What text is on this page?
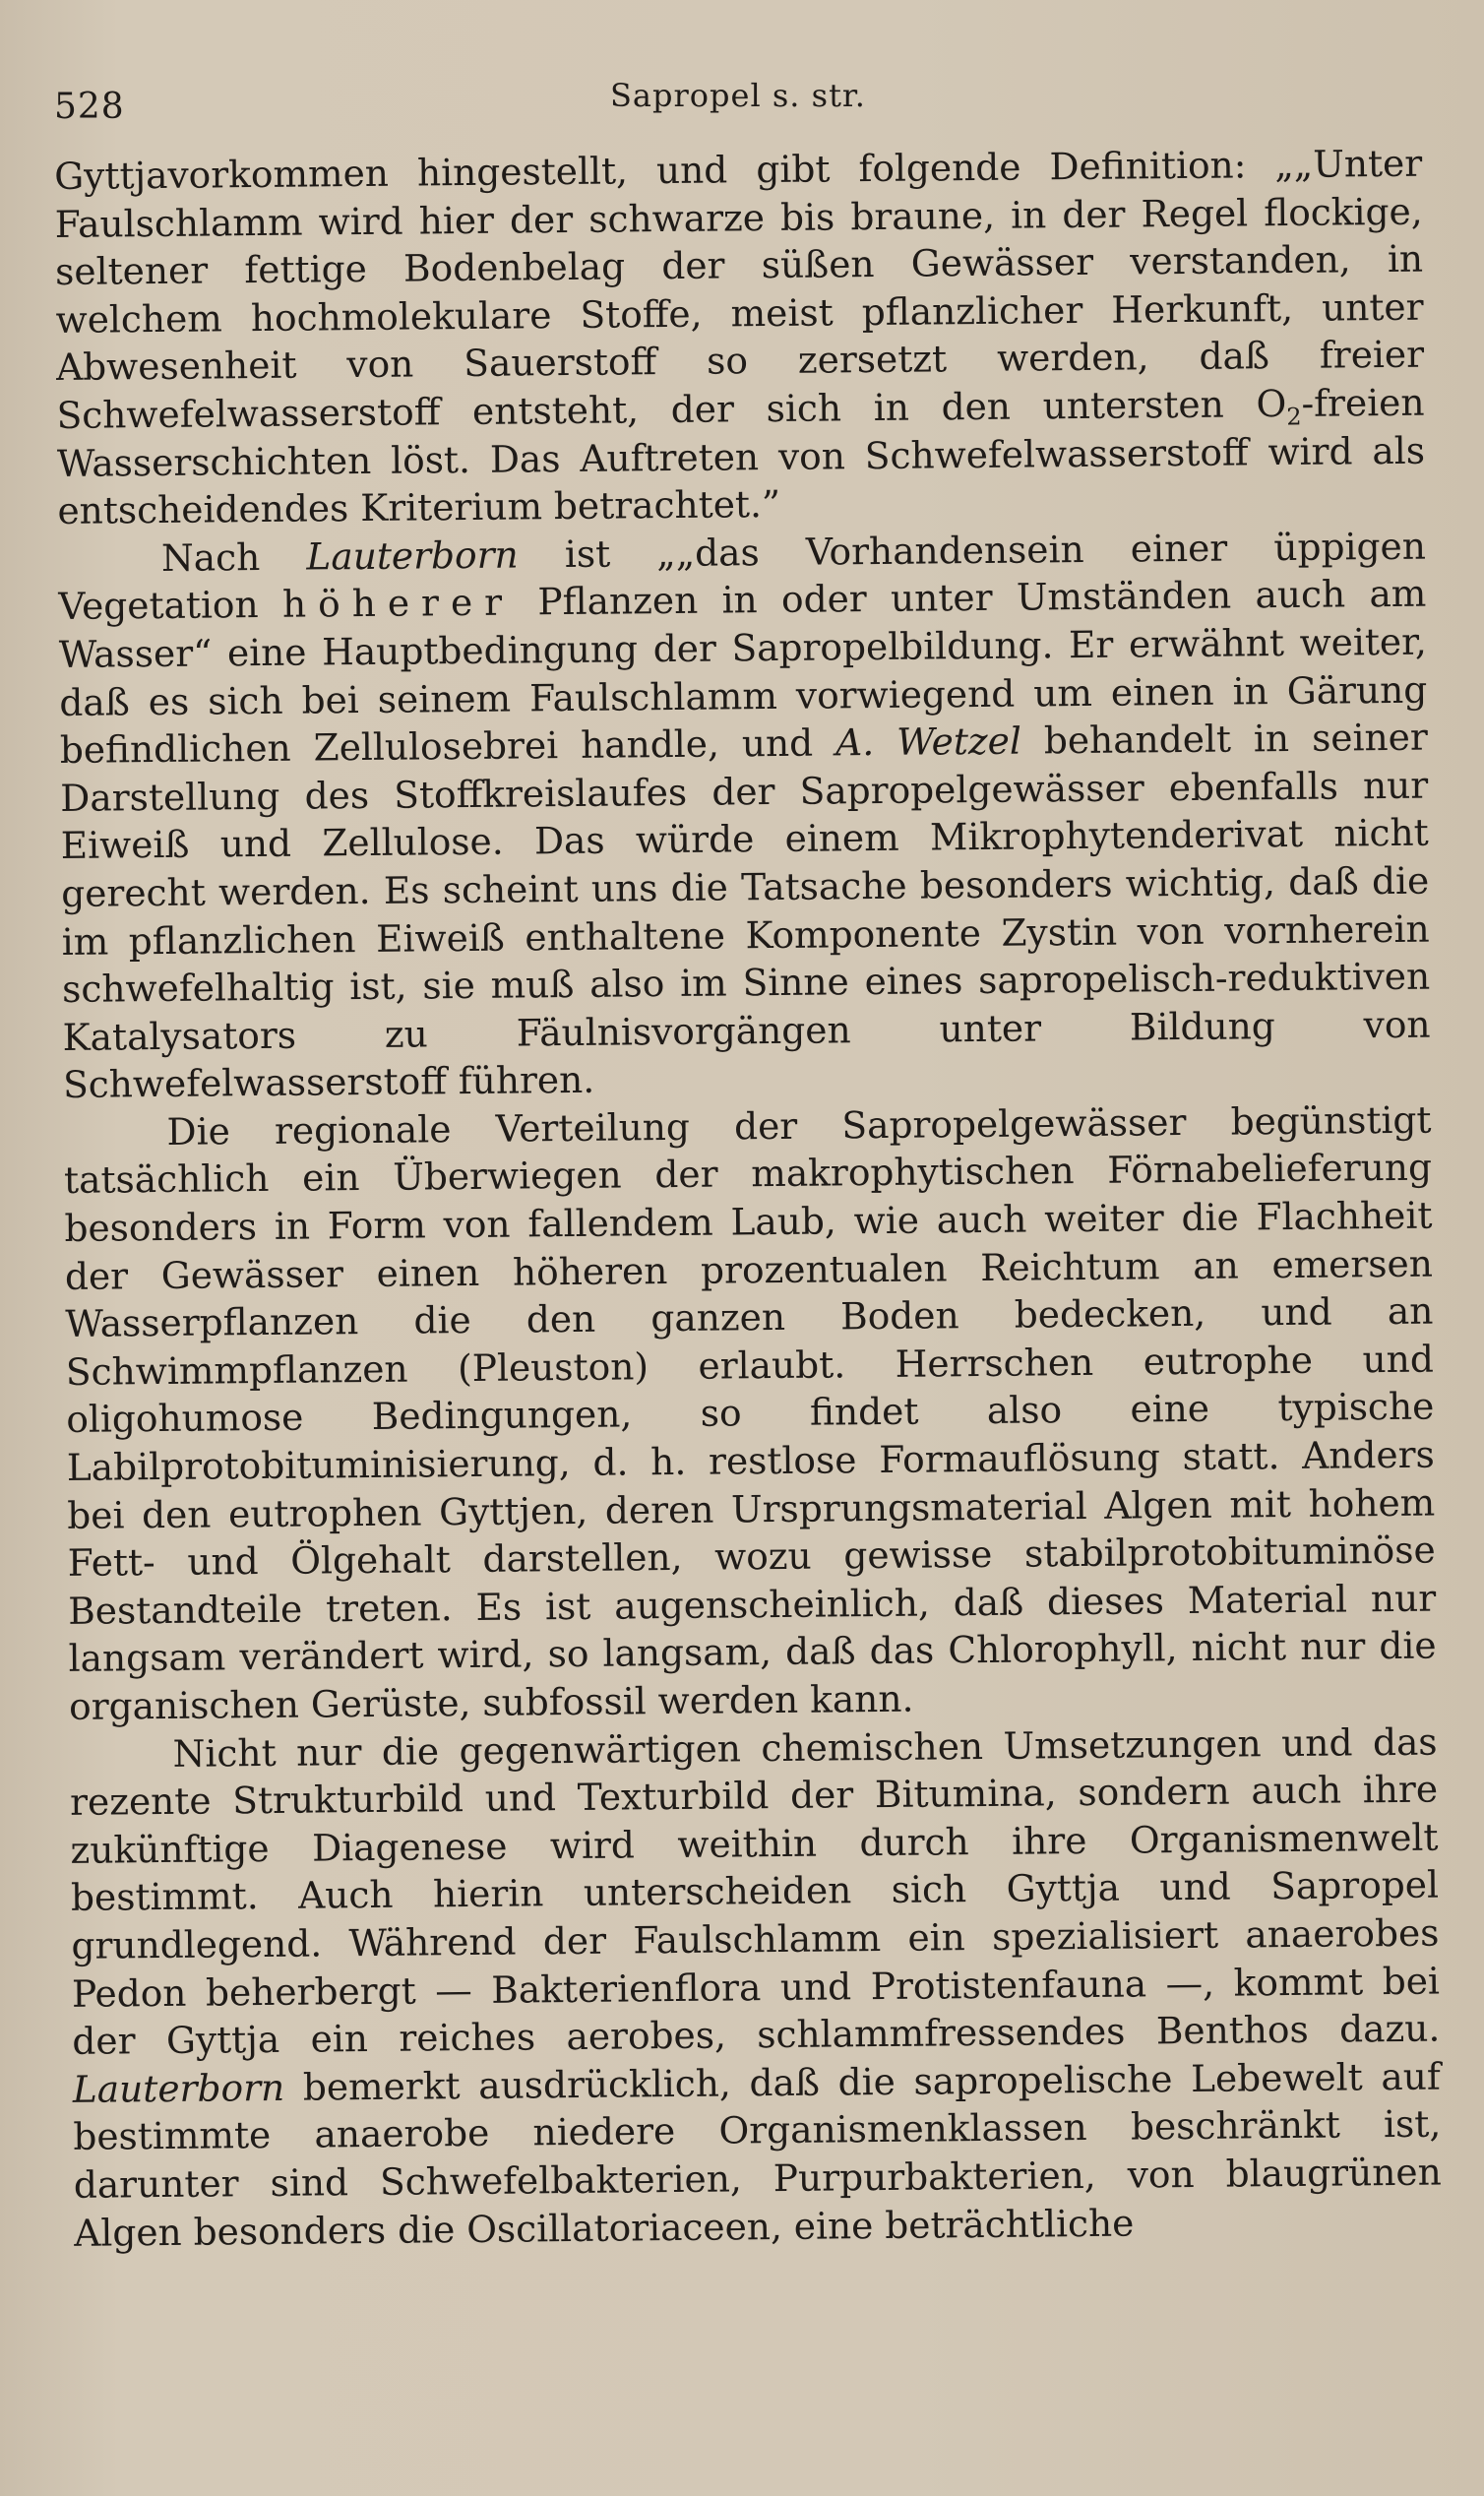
528	Sapropel s. str.

Gyttjavorkommen hingestellt, und gibt folgende Definition: „„Unter Faulschlamm wird hier der schwarze bis braune, in der Regel flockige, seltener fettige Bodenbelag der süßen Gewässer verstanden, in welchem hochmolekulare Stoffe, meist pflanzlicher Herkunft, unter Abwesenheit von Sauerstoff so zersetzt werden, daß freier Schwefelwasserstoff entsteht, der sich in den untersten $O_2$-freien Wasserschichten löst. Das Auftreten von Schwefelwasserstoff wird als entscheidendes Kriterium betrachtet.”

Nach Lauterborn ist „„das Vorhandensein einer üppigen Vegetation höherer Pflanzen in oder unter Umständen auch am Wasser“ eine Hauptbedingung der Sapropelbildung. Er erwähnt weiter, daß es sich bei seinem Faulschlamm vorwiegend um einen in Gärung befindlichen Zellulosebrei handle, und A. Wetzel behandelt in seiner Darstellung des Stoffkreislaufes der Sapropelgewässer ebenfalls nur Eiweiß und Zellulose. Das würde einem Mikrophytenderivat nicht gerecht werden. Es scheint uns die Tatsache besonders wichtig, daß die im pflanzlichen Eiweiß enthaltene Komponente Zystin von vornherein schwefelhaltig ist, sie muß also im Sinne eines sapropelisch-reduktiven Katalysators zu Fäulnisvorgängen unter Bildung von Schwefelwasserstoff führen.

Die regionale Verteilung der Sapropelgewässer begünstigt tatsächlich ein Überwiegen der makrophytischen Förnabelieferung besonders in Form von fallendem Laub, wie auch weiter die Flachheit der Gewässer einen höheren prozentualen Reichtum an emersen Wasserpflanzen die den ganzen Boden bedecken, und an Schwimmpflanzen (Pleuston) erlaubt. Herrschen eutrophe und oligohumose Bedingungen, so findet also eine typische Labilprotobituminisierung, d. h. restlose Formauflösung statt. Anders bei den eutrophen Gyttjen, deren Ursprungsmaterial Algen mit hohem Fett- und Ölgehalt darstellen, wozu gewisse stabilprotobituminöse Bestandteile treten. Es ist augenscheinlich, daß dieses Material nur langsam verändert wird, so langsam, daß das Chlorophyll, nicht nur die organischen Gerüste, subfossil werden kann.

Nicht nur die gegenwärtigen chemischen Umsetzungen und das rezente Strukturbild und Texturbild der Bitumina, sondern auch ihre zukünftige Diagenese wird weithin durch ihre Organismenwelt bestimmt. Auch hierin unterscheiden sich Gyttja und Sapropel grundlegend. Während der Faulschlamm ein spezialisiert anaerobes Pedon beherbergt — Bakterienflora und Protistenfauna —, kommt bei der Gyttja ein reiches aerobes, schlammfressendes Benthos dazu. Lauterborn bemerkt ausdrücklich, daß die sapropelische Lebewelt auf bestimmte anaerobe niedere Organismenklassen beschränkt ist, darunter sind Schwefelbakterien, Purpurbakterien, von blaugrünen Algen besonders die Oscillatoriaceen, eine beträchtliche
